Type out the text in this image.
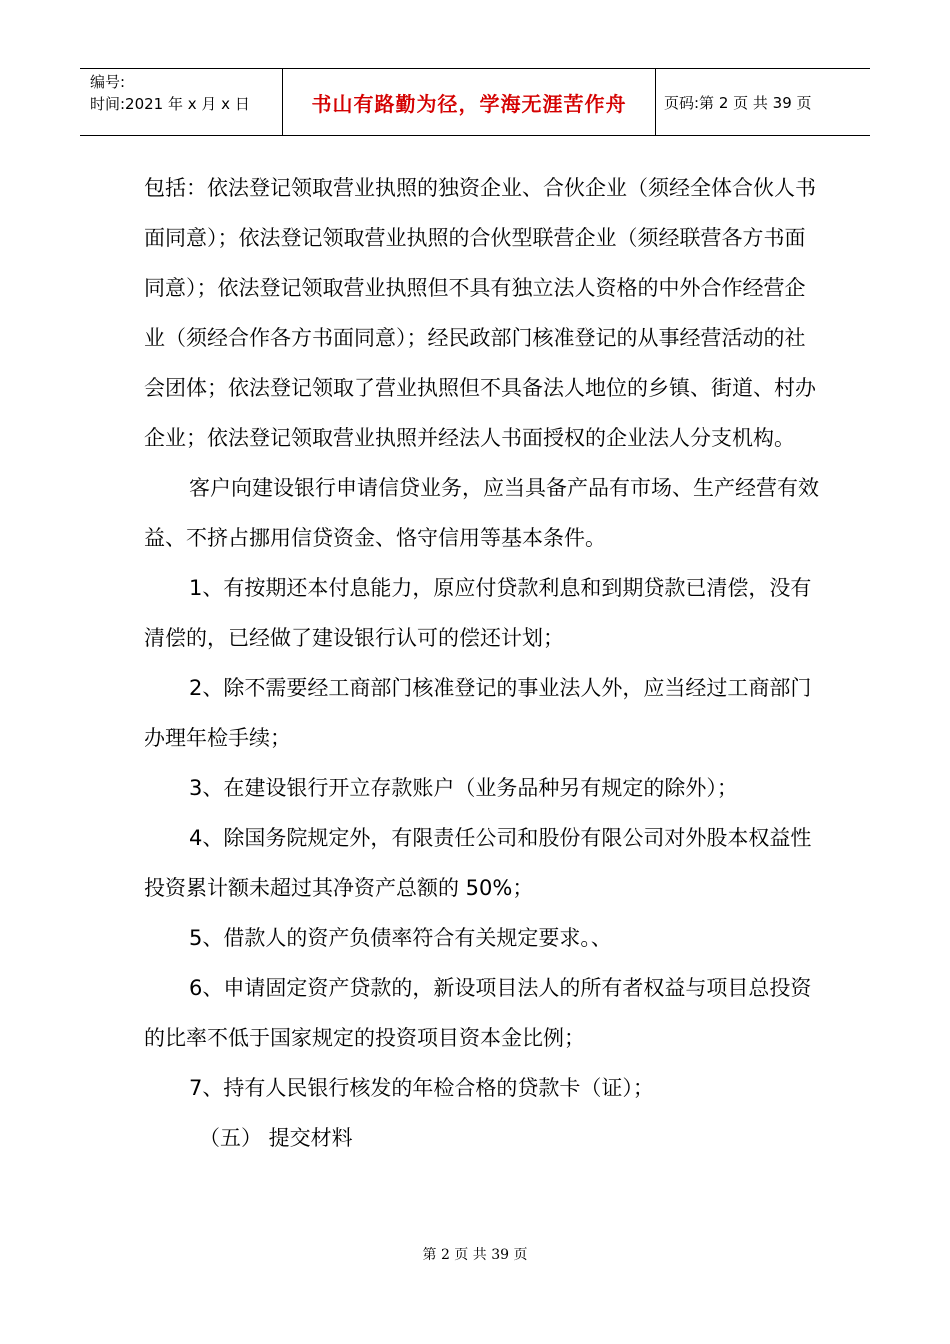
编号:
时间:2021 年 x 月 x 日	书山有路勤为径，学海无涯苦作舟	页码:第 2 页 共 39 页

包括：依法登记领取营业执照的独资企业、合伙企业（须经全体合伙人书面同意）；依法登记领取营业执照的合伙型联营企业（须经联营各方书面同意）；依法登记领取营业执照但不具有独立法人资格的中外合作经营企业（须经合作各方书面同意）；经民政部门核准登记的从事经营活动的社会团体；依法登记领取了营业执照但不具备法人地位的乡镇、街道、村办企业；依法登记领取营业执照并经法人书面授权的企业法人分支机构。

客户向建设银行申请信贷业务，应当具备产品有市场、生产经营有效益、不挤占挪用信贷资金、恪守信用等基本条件。

1、有按期还本付息能力，原应付贷款利息和到期贷款已清偿，没有清偿的，已经做了建设银行认可的偿还计划；

2、除不需要经工商部门核准登记的事业法人外，应当经过工商部门办理年检手续；

3、在建设银行开立存款账户（业务品种另有规定的除外）；

4、除国务院规定外，有限责任公司和股份有限公司对外股本权益性投资累计额未超过其净资产总额的 50%；

5、借款人的资产负债率符合有关规定要求。、

6、申请固定资产贷款的，新设项目法人的所有者权益与项目总投资的比率不低于国家规定的投资项目资本金比例；

7、持有人民银行核发的年检合格的贷款卡（证）；

（五） 提交材料

第 2 页 共 39 页
